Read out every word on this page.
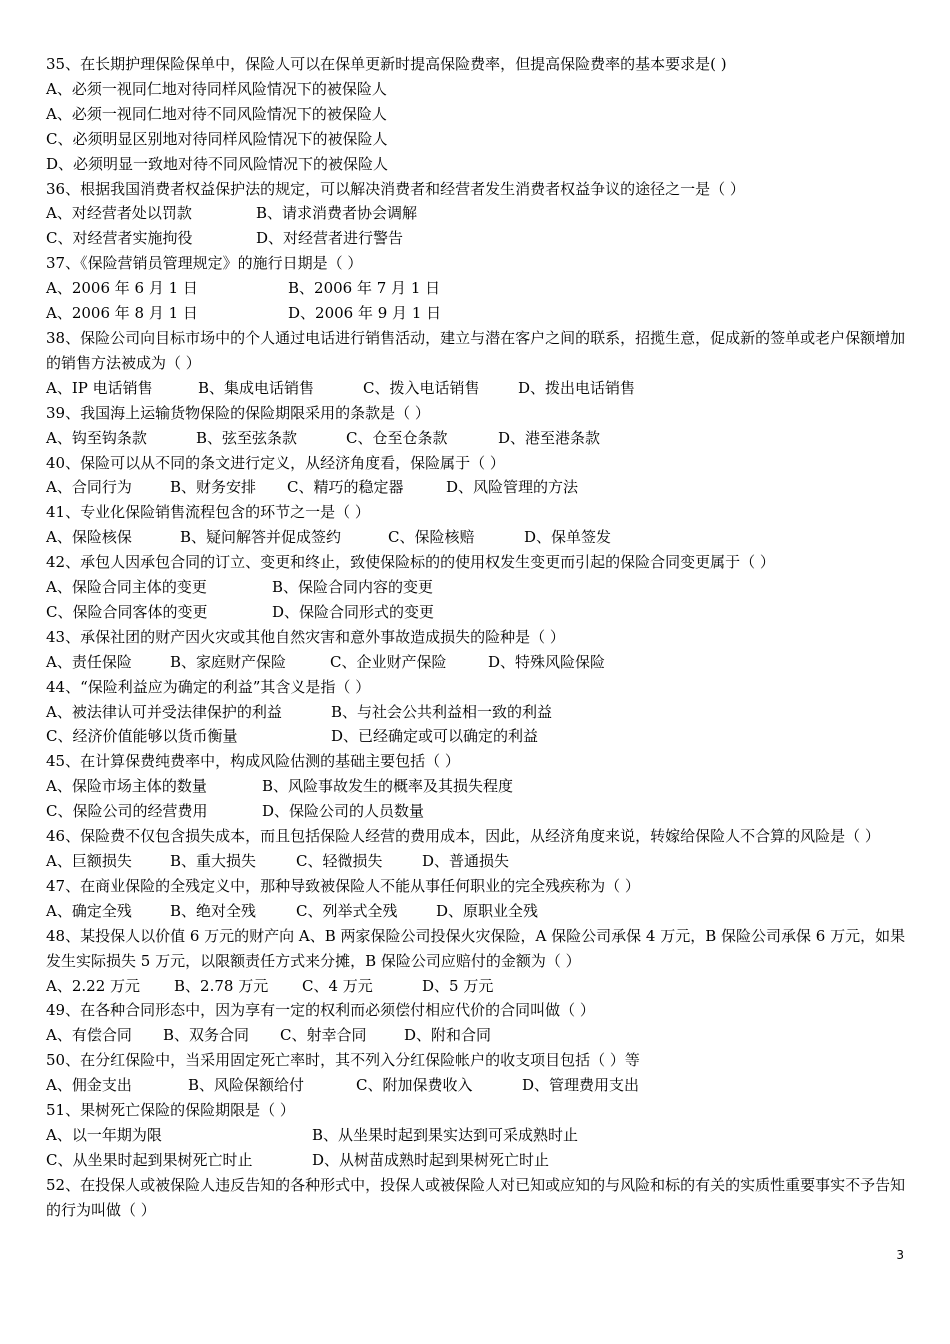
35、在长期护理保险保单中，保险人可以在保单更新时提高保险费率，但提高保险费率的基本要求是( )
A、必须一视同仁地对待同样风险情况下的被保险人
A、必须一视同仁地对待不同风险情况下的被保险人
C、必须明显区别地对待同样风险情况下的被保险人
D、必须明显一致地对待不同风险情况下的被保险人
36、根据我国消费者权益保护法的规定，可以解决消费者和经营者发生消费者权益争议的途径之一是（ ）
A、对经营者处以罚款	B、请求消费者协会调解
C、对经营者实施拘役	D、对经营者进行警告
37、《保险营销员管理规定》的施行日期是（ ）
A、2006 年 6 月 1 日	B、2006 年 7 月 1 日
A、2006 年 8 月 1 日	D、2006 年 9 月 1 日
38、保险公司向目标市场中的个人通过电话进行销售活动，建立与潜在客户之间的联系，招揽生意，促成新的签单或老户保额增加的销售方法被成为（ ）
A、IP 电话销售	B、集成电话销售	C、拨入电话销售	D、拨出电话销售
39、我国海上运输货物保险的保险期限采用的条款是（ ）
A、钩至钩条款	B、弦至弦条款	C、仓至仓条款	D、港至港条款
40、保险可以从不同的条文进行定义，从经济角度看，保险属于（ ）
A、合同行为	B、财务安排 C、精巧的稳定器	D、风险管理的方法
41、专业化保险销售流程包含的环节之一是（ ）
A、保险核保	B、疑问解答并促成签约	C、保险核赔	D、保单签发
42、承包人因承包合同的订立、变更和终止，致使保险标的的使用权发生变更而引起的保险合同变更属于（ ）
A、保险合同主体的变更	B、保险合同内容的变更
C、保险合同客体的变更	D、保险合同形式的变更
43、承保社团的财产因火灾或其他自然灾害和意外事故造成损失的险种是（ ）
A、责任保险	B、家庭财产保险	C、企业财产保险	D、特殊风险保险
44、“保险利益应为确定的利益”其含义是指（ ）
A、被法律认可并受法律保护的利益	B、与社会公共利益相一致的利益
C、经济价值能够以货币衡量	D、已经确定或可以确定的利益
45、在计算保费纯费率中，构成风险估测的基础主要包括（ ）
A、保险市场主体的数量	B、风险事故发生的概率及其损失程度
C、保险公司的经营费用	D、保险公司的人员数量
46、保险费不仅包含损失成本，而且包括保险人经营的费用成本，因此，从经济角度来说，转嫁给保险人不合算的风险是（ ）
A、巨额损失	B、重大损失	C、轻微损失	D、普通损失
47、在商业保险的全残定义中，那种导致被保险人不能从事任何职业的完全残疾称为（ ）
A、确定全残	B、绝对全残	C、列举式全残	D、原职业全残
48、某投保人以价值 6 万元的财产向 A、B 两家保险公司投保火灾保险，A 保险公司承保 4 万元，B 保险公司承保 6 万元，如果发生实际损失 5 万元，以限额责任方式来分摊，B 保险公司应赔付的金额为（ ）
A、2.22 万元 B、2.78 万元 C、4 万元	D、5 万元
49、在各种合同形态中，因为享有一定的权利而必须偿付相应代价的合同叫做（ ）
A、有偿合同 B、双务合同 C、射幸合同	D、附和合同
50、在分红保险中，当采用固定死亡率时，其不列入分红保险帐户的收支项目包括（ ）等
A、佣金支出	B、风险保额给付	C、附加保费收入	D、管理费用支出
51、果树死亡保险的保险期限是（ ）
A、以一年期为限	B、从坐果时起到果实达到可采成熟时止
C、从坐果时起到果树死亡时止	D、从树苗成熟时起到果树死亡时止
52、在投保人或被保险人违反告知的各种形式中，投保人或被保险人对已知或应知的与风险和标的有关的实质性重要事实不予告知的行为叫做（ ）
3
